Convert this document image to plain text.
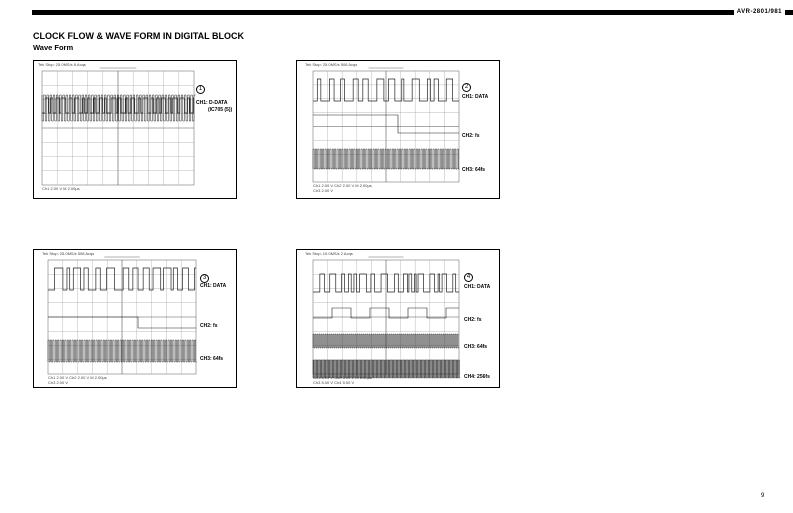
AVR-2801/981
CLOCK FLOW & WAVE FORM IN DIGITAL BLOCK
Wave Form
Tek Stop: 25.0MS/s 8 Acqs
Ch1 2.00 V M 2.00µs
1
CH1: D-DATA
(IC705 (5))
Tek Stop: 25.0MS/s 508 Acqs
Ch1 2.00 V Ch2 2.00 V M 2.00µs
Ch3 2.00 V
2
CH1: DATA
CH2: fs
CH3: 64fs
Tek Stop: 25.0MS/s 508 Acqs
Ch1 2.00 V Ch2 2.00 V M 2.00µs
Ch3 2.00 V
3
CH1: DATA
CH2: fs
CH3: 64fs
Tek Stop: 10.0MS/s 2 Acqs
Ch1 5.00 V Ch2 5.00 V M 5.00µs
Ch3 5.00 V Ch4 5.00 V
4
CH1: DATA
CH2: fs
CH3: 64fs
CH4: 256fs
9
